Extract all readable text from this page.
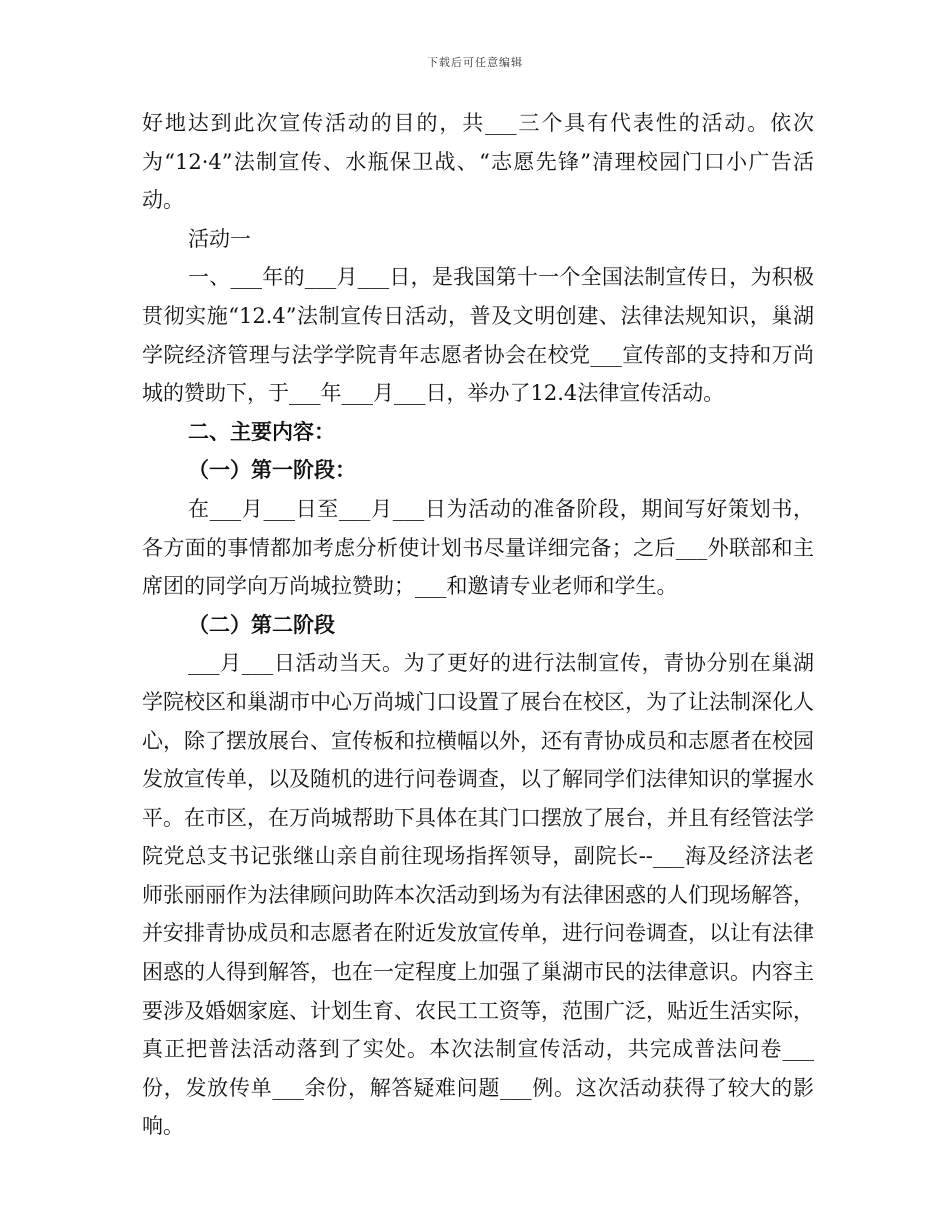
下载后可任意编辑

好地达到此次宣传活动的目的，共___三个具有代表性的活动。依次为“12·4”法制宣传、水瓶保卫战、“志愿先锋”清理校园门口小广告活动。

活动一

一、___年的___月___日，是我国第十一个全国法制宣传日，为积极贯彻实施“12.4”法制宣传日活动，普及文明创建、法律法规知识，巢湖学院经济管理与法学学院青年志愿者协会在校党___宣传部的支持和万尚城的赞助下，于___年___月___日，举办了12.4法律宣传活动。

二、主要内容：

（一）第一阶段：

在___月___日至___月___日为活动的准备阶段，期间写好策划书，各方面的事情都加考虑分析使计划书尽量详细完备；之后___外联部和主席团的同学向万尚城拉赞助；___和邀请专业老师和学生。

（二）第二阶段

___月___日活动当天。为了更好的进行法制宣传，青协分别在巢湖学院校区和巢湖市中心万尚城门口设置了展台在校区，为了让法制深化人心，除了摆放展台、宣传板和拉横幅以外，还有青协成员和志愿者在校园发放宣传单，以及随机的进行问卷调查，以了解同学们法律知识的掌握水平。在市区，在万尚城帮助下具体在其门口摆放了展台，并且有经管法学院党总支书记张继山亲自前往现场指挥领导，副院长--___海及经济法老师张丽丽作为法律顾问助阵本次活动到场为有法律困惑的人们现场解答，并安排青协成员和志愿者在附近发放宣传单，进行问卷调查，以让有法律困惑的人得到解答，也在一定程度上加强了巢湖市民的法律意识。内容主要涉及婚姻家庭、计划生育、农民工工资等，范围广泛，贴近生活实际，真正把普法活动落到了实处。本次法制宣传活动，共完成普法问卷___份，发放传单___余份，解答疑难问题___例。这次活动获得了较大的影响。
